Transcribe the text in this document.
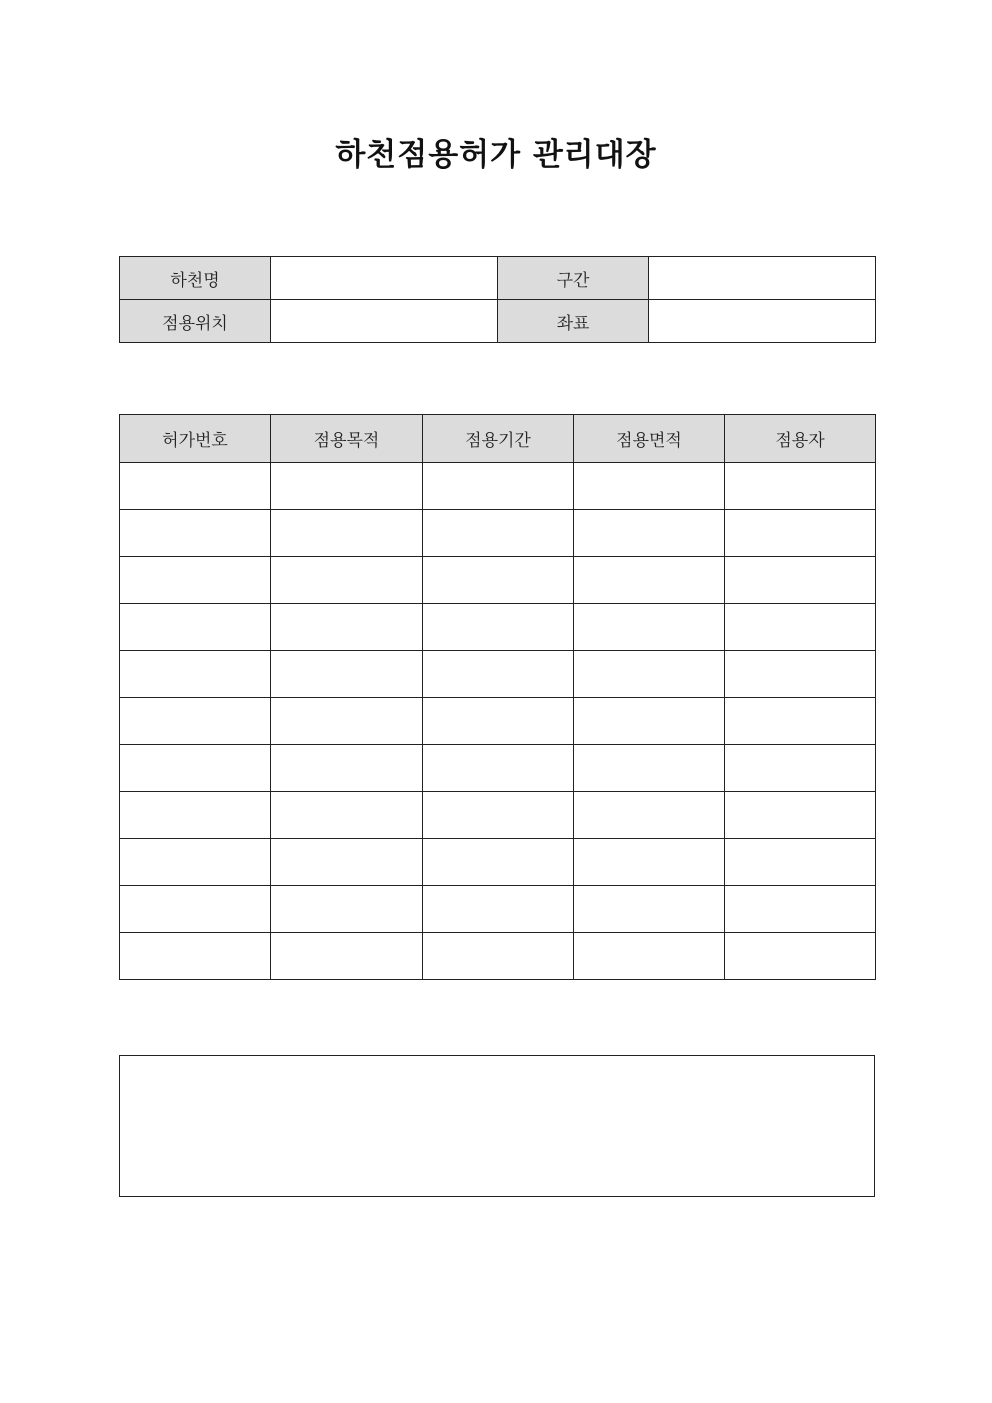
하천점용허가 관리대장
하천명		구간	
점용위치		좌표	
허가번호	점용목적	점용기간	점용면적	점용자
